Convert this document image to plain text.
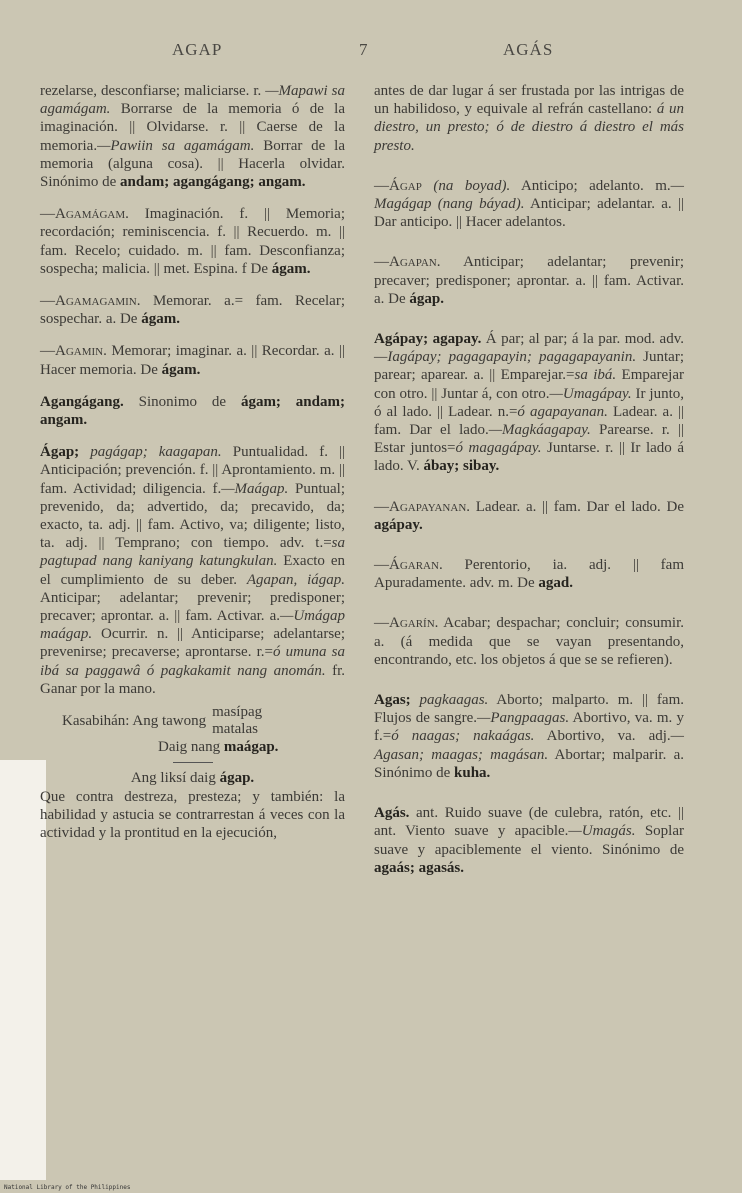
AGAP	7	AGÁS

rezelarse, desconfiarse; maliciarse. r. —Mapawi sa agamágam. Borrarse de la memoria ó de la imaginación. || Olvidarse. r. || Caerse de la memoria.—Pawiin sa agamágam. Borrar de la memoria (alguna cosa). || Hacerla olvidar. Sinónimo de andam; agangágang; angam.

—Agamágam. Imaginación. f. || Memoria; recordación; reminiscencia. f. || Recuerdo. m. || fam. Recelo; cuidado. m. || fam. Desconfianza; sospecha; malicia. || met. Espina. f De ágam.

—Agamagamin. Memorar. a.= fam. Recelar; sospechar. a. De ágam.

—Agamin. Memorar; imaginar. a. || Recordar. a. || Hacer memoria. De ágam.

Agangágang. Sinonimo de ágam; andam; angam.

Ágap; pagágap; kaagapan. Puntualidad. f. || Anticipación; prevención. f. || Aprontamiento. m. || fam. Actividad; diligencia. f.—Maágap. Puntual; prevenido, da; advertido, da; precavido, da; exacto, ta. adj. || fam. Activo, va; diligente; listo, ta. adj. || Temprano; con tiempo. adv. t.=sa pagtupad nang kaniyang katungkulan. Exacto en el cumplimiento de su deber. Agapan, iágap. Anticipar; adelantar; prevenir; predisponer; precaver; aprontar. a. || fam. Activar. a.—Umágap maágap. Ocurrir. n. || Anticiparse; adelantarse; prevenirse; precaverse; aprontarse. r.=ó umuna sa ibá sa paggawâ ó pagkakamit nang anomán. fr. Ganar por la mano.

Kasabihán: Ang tawong
masípag
matalas
Daig nang maágap.

Ang liksí daig ágap.
Que contra destreza, presteza; y también: la habilidad y astucia se contrarrestan á veces con la actividad y la prontitud en la ejecución,

antes de dar lugar á ser frustada por las intrigas de un habilidoso, y equivale al refrán castellano: á un diestro, un presto; ó de diestro á diestro el más presto.

—Ágap (na boyad). Anticipo; adelanto. m.—Magágap (nang báyad). Anticipar; adelantar. a. || Dar anticipo. || Hacer adelantos.

—Agapan. Anticipar; adelantar; prevenir; precaver; predisponer; aprontar. a. || fam. Activar. a. De ágap.

Agápay; agapay. Á par; al par; á la par. mod. adv.—Iagápay; pagagapayin; pagagapayanin. Juntar; parear; aparear. a. || Emparejar.=sa ibá. Emparejar con otro. || Juntar á, con otro.—Umagápay. Ir junto, ó al lado. || Ladear. n.=ó agapayanan. Ladear. a. || fam. Dar el lado.—Magkáagapay. Parearse. r. || Estar juntos=ó magagápay. Juntarse. r. || Ir lado á lado. V. ábay; sibay.

—Agapayanan. Ladear. a. || fam. Dar el lado. De agápay.

—Ágaran. Perentorio, ia. adj. || fam Apuradamente. adv. m. De agad.

—Agarín. Acabar; despachar; concluir; consumir. a. (á medida que se vayan presentando, encontrando, etc. los objetos á que se se refieren).

Agas; pagkaagas. Aborto; malparto. m. || fam. Flujos de sangre.—Pangpaagas. Abortivo, va. m. y f.=ó naagas; nakaágas. Abortivo, va. adj.—Agasan; maagas; magásan. Abortar; malparir. a. Sinónimo de kuha.

Agás. ant. Ruido suave (de culebra, ratón, etc. || ant. Viento suave y apacible.—Umagás. Soplar suave y apaciblemente el viento. Sinónimo de agaás; agasás.

National Library of the Philippines
